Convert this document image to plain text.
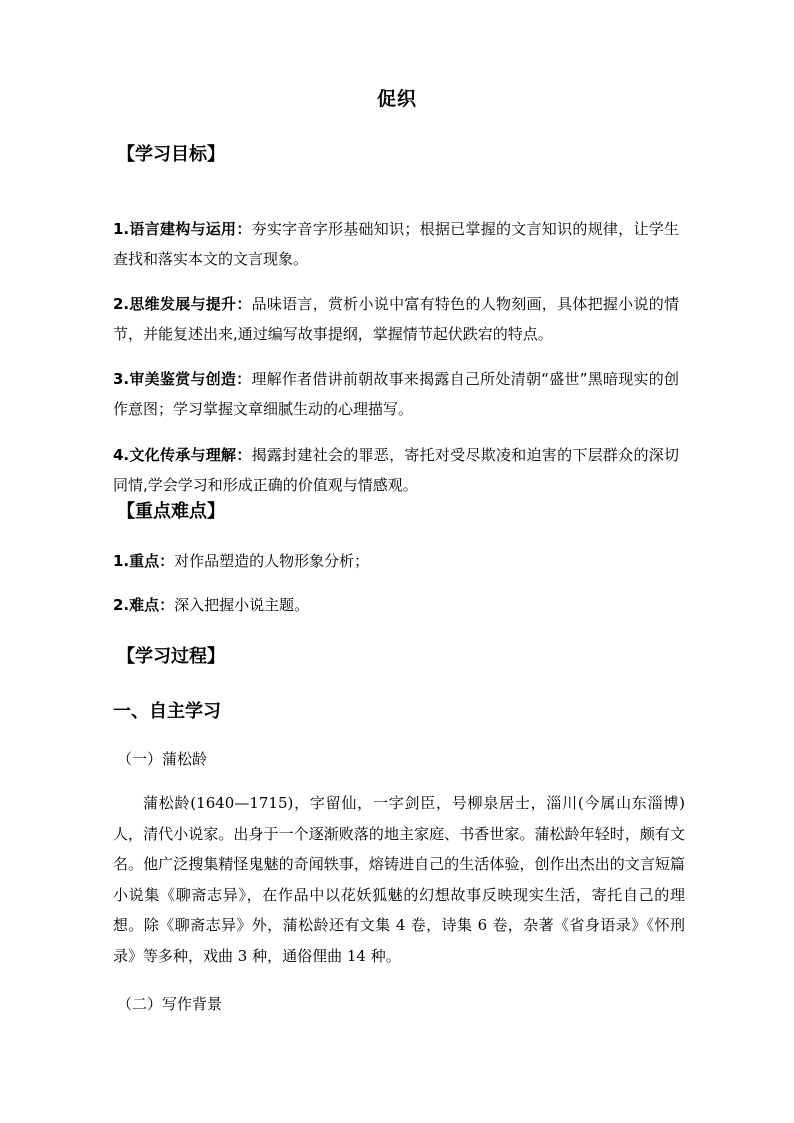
促织
【学习目标】
1.语言建构与运用：夯实字音字形基础知识；根据已掌握的文言知识的规律，让学生查找和落实本文的文言现象。
2.思维发展与提升：品味语言，赏析小说中富有特色的人物刻画，具体把握小说的情节，并能复述出来,通过编写故事提纲，掌握情节起伏跌宕的特点。
3.审美鉴赏与创造：理解作者借讲前朝故事来揭露自己所处清朝“盛世”黑暗现实的创作意图；学习掌握文章细腻生动的心理描写。
4.文化传承与理解：揭露封建社会的罪恶，寄托对受尽欺凌和迫害的下层群众的深切同情,学会学习和形成正确的价值观与情感观。
【重点难点】
1.重点：对作品塑造的人物形象分析；
2.难点：深入把握小说主题。
【学习过程】
一、自主学习
（一）蒲松龄
蒲松龄(1640—1715)，字留仙，一字剑臣，号柳泉居士，淄川(今属山东淄博)人，清代小说家。出身于一个逐渐败落的地主家庭、书香世家。蒲松龄年轻时，颇有文名。他广泛搜集精怪鬼魅的奇闻轶事，熔铸进自己的生活体验，创作出杰出的文言短篇小说集《聊斋志异》，在作品中以花妖狐魅的幻想故事反映现实生活，寄托自己的理想。除《聊斋志异》外，蒲松龄还有文集 4 卷，诗集 6 卷，杂著《省身语录》《怀刑录》等多种，戏曲 3 种，通俗俚曲 14 种。
（二）写作背景
